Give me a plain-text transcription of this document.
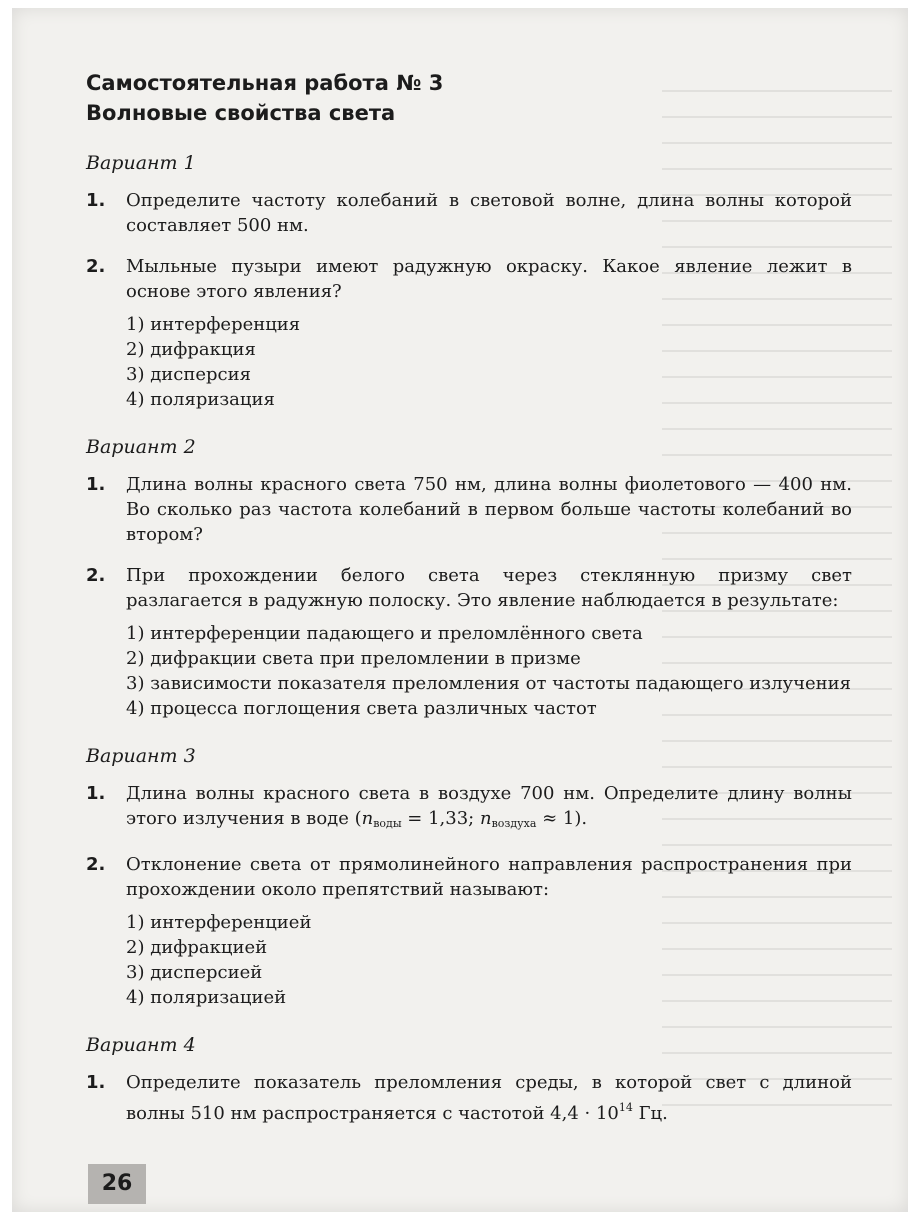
Самостоятельная работа № 3
Волновые свойства света

Вариант 1

1.	Определите частоту колебаний в световой волне, длина волны которой составляет 500 нм.
2.	Мыльные пузыри имеют радужную окраску. Какое явление лежит в основе этого явления?
1) интерференция
2) дифракция
3) дисперсия
4) поляризация

Вариант 2

1.	Длина волны красного света 750 нм, длина волны фиолетового — 400 нм. Во сколько раз частота колебаний в первом больше частоты колебаний во втором?
2.	При прохождении белого света через стеклянную призму свет разлагается в радужную полоску. Это явление наблюдается в результате:
1) интерференции падающего и преломлённого света
2) дифракции света при преломлении в призме
3) зависимости показателя преломления от частоты падающего излучения
4) процесса поглощения света различных частот

Вариант 3

1.	Длина волны красного света в воздухе 700 нм. Определите длину волны этого излучения в воде ($n_{воды} = 1,33$; $n_{воздуха} \approx 1$).
2.	Отклонение света от прямолинейного направления распространения при прохождении около препятствий называют:
1) интерференцией
2) дифракцией
3) дисперсией
4) поляризацией

Вариант 4

1.	Определите показатель преломления среды, в которой свет с длиной волны 510 нм распространяется с частотой $4,4 \cdot 10^{14}$ Гц.
26
